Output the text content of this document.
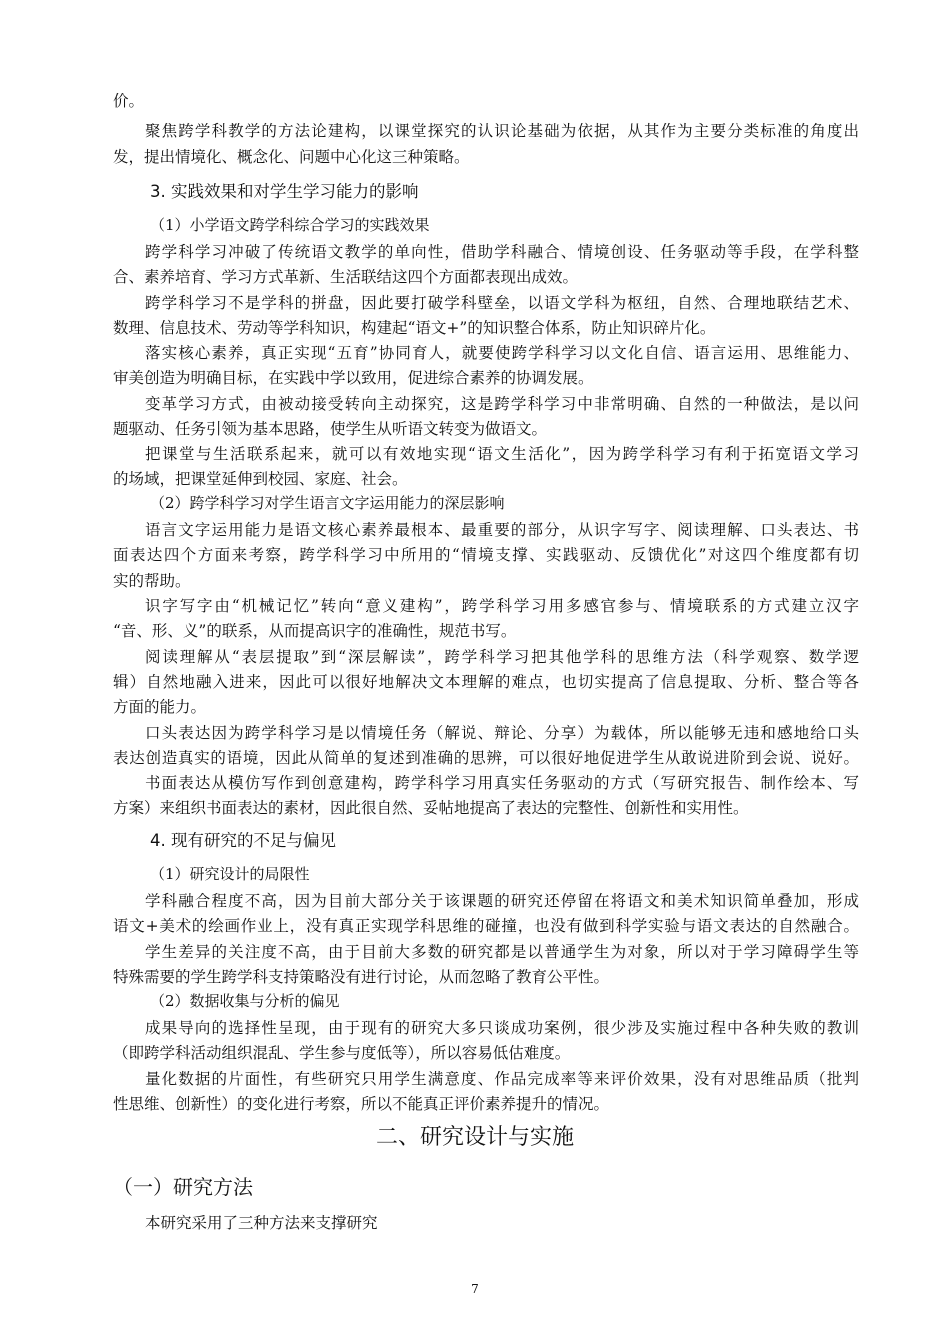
价。
聚焦跨学科教学的方法论建构，以课堂探究的认识论基础为依据，从其作为主要分类标准的角度出
发，提出情境化、概念化、问题中心化这三种策略。
3. 实践效果和对学生学习能力的影响
（1）小学语文跨学科综合学习的实践效果
跨学科学习冲破了传统语文教学的单向性，借助学科融合、情境创设、任务驱动等手段，在学科整
合、素养培育、学习方式革新、生活联结这四个方面都表现出成效。
跨学科学习不是学科的拼盘，因此要打破学科壁垒，以语文学科为枢纽，自然、合理地联结艺术、
数理、信息技术、劳动等学科知识，构建起“语文+”的知识整合体系，防止知识碎片化。
落实核心素养，真正实现“五育”协同育人，就要使跨学科学习以文化自信、语言运用、思维能力、
审美创造为明确目标，在实践中学以致用，促进综合素养的协调发展。
变革学习方式，由被动接受转向主动探究，这是跨学科学习中非常明确、自然的一种做法，是以问
题驱动、任务引领为基本思路，使学生从听语文转变为做语文。
把课堂与生活联系起来，就可以有效地实现“语文生活化”，因为跨学科学习有利于拓宽语文学习
的场域，把课堂延伸到校园、家庭、社会。
（2）跨学科学习对学生语言文字运用能力的深层影响
语言文字运用能力是语文核心素养最根本、最重要的部分，从识字写字、阅读理解、口头表达、书
面表达四个方面来考察，跨学科学习中所用的“情境支撑、实践驱动、反馈优化”对这四个维度都有切
实的帮助。
识字写字由“机械记忆”转向“意义建构”，跨学科学习用多感官参与、情境联系的方式建立汉字
“音、形、义”的联系，从而提高识字的准确性，规范书写。
阅读理解从“表层提取”到“深层解读”，跨学科学习把其他学科的思维方法（科学观察、数学逻
辑）自然地融入进来，因此可以很好地解决文本理解的难点，也切实提高了信息提取、分析、整合等各
方面的能力。
口头表达因为跨学科学习是以情境任务（解说、辩论、分享）为载体，所以能够无违和感地给口头
表达创造真实的语境，因此从简单的复述到准确的思辨，可以很好地促进学生从敢说进阶到会说、说好。
书面表达从模仿写作到创意建构，跨学科学习用真实任务驱动的方式（写研究报告、制作绘本、写
方案）来组织书面表达的素材，因此很自然、妥帖地提高了表达的完整性、创新性和实用性。
4. 现有研究的不足与偏见
（1）研究设计的局限性
学科融合程度不高，因为目前大部分关于该课题的研究还停留在将语文和美术知识简单叠加，形成
语文+美术的绘画作业上，没有真正实现学科思维的碰撞，也没有做到科学实验与语文表达的自然融合。
学生差异的关注度不高，由于目前大多数的研究都是以普通学生为对象，所以对于学习障碍学生等
特殊需要的学生跨学科支持策略没有进行讨论，从而忽略了教育公平性。
（2）数据收集与分析的偏见
成果导向的选择性呈现，由于现有的研究大多只谈成功案例，很少涉及实施过程中各种失败的教训
（即跨学科活动组织混乱、学生参与度低等），所以容易低估难度。
量化数据的片面性，有些研究只用学生满意度、作品完成率等来评价效果，没有对思维品质（批判
性思维、创新性）的变化进行考察，所以不能真正评价素养提升的情况。
二、研究设计与实施
（一）研究方法
本研究采用了三种方法来支撑研究
7
